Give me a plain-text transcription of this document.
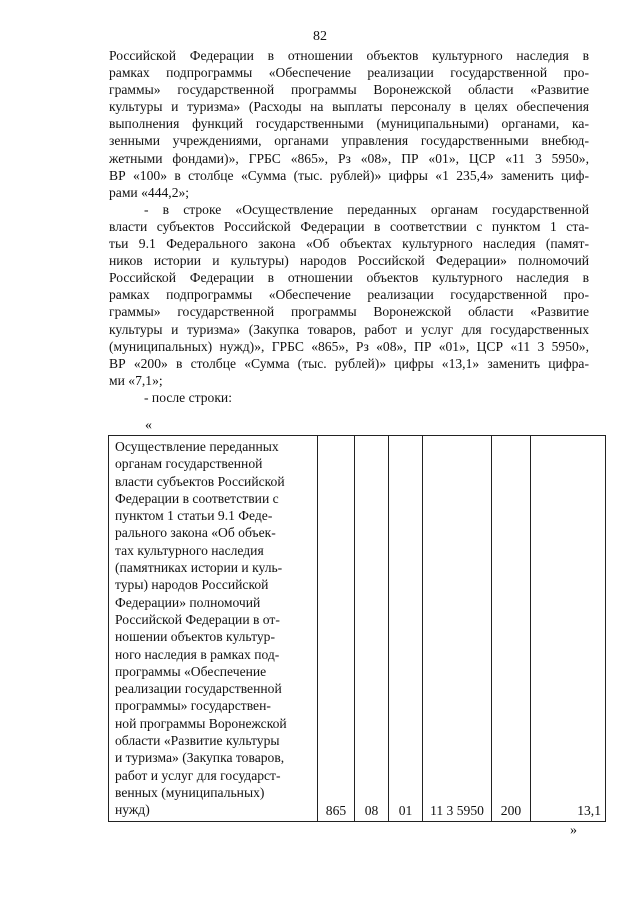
82

Российской Федерации в отношении объектов культурного наследия в
рамках подпрограммы «Обеспечение реализации государственной про-
граммы» государственной программы Воронежской области «Развитие
культуры и туризма» (Расходы на выплаты персоналу в целях обеспечения
выполнения функций государственными (муниципальными) органами, ка-
зенными учреждениями, органами управления государственными внебюд-
жетными фондами)», ГРБС «865», Рз «08», ПР «01», ЦСР «11 3 5950»,
ВР «100» в столбце «Сумма (тыс. рублей)» цифры «1 235,4» заменить циф-
рами «444,2»;

- в строке «Осуществление переданных органам государственной
власти субъектов Российской Федерации в соответствии с пунктом 1 ста-
тьи 9.1 Федерального закона «Об объектах культурного наследия (памят-
ников истории и культуры) народов Российской Федерации» полномочий
Российской Федерации в отношении объектов культурного наследия в
рамках подпрограммы «Обеспечение реализации государственной про-
граммы» государственной программы Воронежской области «Развитие
культуры и туризма» (Закупка товаров, работ и услуг для государственных
(муниципальных) нужд)», ГРБС «865», Рз «08», ПР «01», ЦСР «11 3 5950»,
ВР «200» в столбце «Сумма (тыс. рублей)» цифры «13,1» заменить цифра-
ми «7,1»;

- после строки:

«
Осуществление переданных
органам государственной
власти субъектов Российской
Федерации в соответствии с
пунктом 1 статьи 9.1 Феде-
рального закона «Об объек-
тах культурного наследия
(памятниках истории и куль-
туры) народов Российской
Федерации» полномочий
Российской Федерации в от-
ношении объектов культур-
ного наследия в рамках под-
программы «Обеспечение
реализации государственной
программы» государствен-
ной программы Воронежской
области «Развитие культуры
и туризма» (Закупка товаров,
работ и услуг для государст-
венных (муниципальных)
нужд)	865	08	01	11 3 5950	200	13,1
»
